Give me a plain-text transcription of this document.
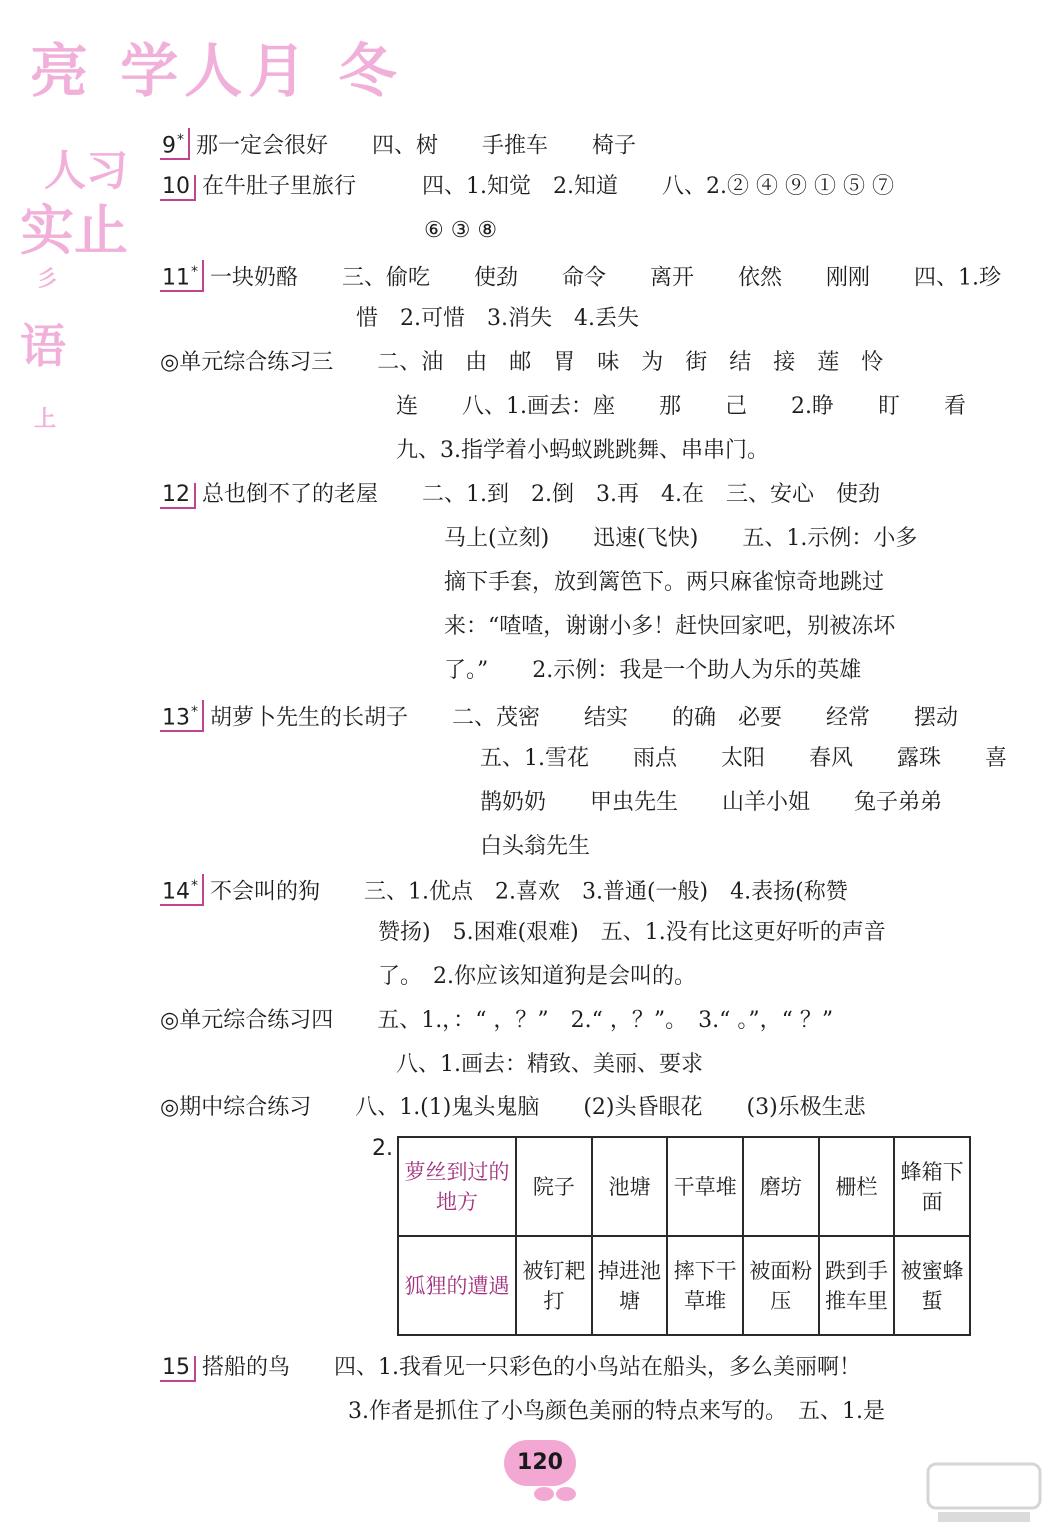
亮 学人月 冬
人习
实止
彡
语
上
9* 那一定会很好　　四、树　　手推车　　椅子
10 在牛肚子里旅行　　　四、1.知觉　2.知道　　八、2.② ④ ⑨ ① ⑤ ⑦
⑥ ③ ⑧
11* 一块奶酪　　三、偷吃　　使劲　　命令　　离开　　依然　　刚刚　　四、1.珍
惜　2.可惜　3.消失　4.丢失
◎单元综合练习三　　二、油　由　邮　胃　味　为　街　结　接　莲　怜
连　　八、1.画去：座　　那　　己　　2.睁　　盯　　看
九、3.指学着小蚂蚁跳跳舞、串串门。
12 总也倒不了的老屋　　二、1.到　2.倒　3.再　4.在　三、安心　使劲
马上(立刻)　　迅速(飞快)　　五、1.示例：小多
摘下手套，放到篱笆下。两只麻雀惊奇地跳过
来：“喳喳，谢谢小多！赶快回家吧，别被冻坏
了。”　　2.示例：我是一个助人为乐的英雄
13* 胡萝卜先生的长胡子　　二、茂密　　结实　　的确　必要　　经常　　摆动
五、1.雪花　　雨点　　太阳　　春风　　露珠　　喜
鹊奶奶　　甲虫先生　　山羊小姐　　兔子弟弟
白头翁先生
14* 不会叫的狗　　三、1.优点　2.喜欢　3.普通(一般)　4.表扬(称赞
赞扬)　5.困难(艰难)　五、1.没有比这更好听的声音
了。　2.你应该知道狗是会叫的。
◎单元综合练习四　　五、1.，：“ ，？”　2.“ ，？”。　3.“ 。”，“ ？”
八、1.画去：精致、美丽、要求
◎期中综合练习　　八、1.(1)鬼头鬼脑　　(2)头昏眼花　　(3)乐极生悲
2.
萝丝到过的地方	院子	池塘	干草堆	磨坊	栅栏	蜂箱下面
狐狸的遭遇	被钉耙打	掉进池塘	摔下干草堆	被面粉压	跌到手推车里	被蜜蜂蜇
15 搭船的鸟　　四、1.我看见一只彩色的小鸟站在船头，多么美丽啊！
3.作者是抓住了小鸟颜色美丽的特点来写的。　五、1.是
120
